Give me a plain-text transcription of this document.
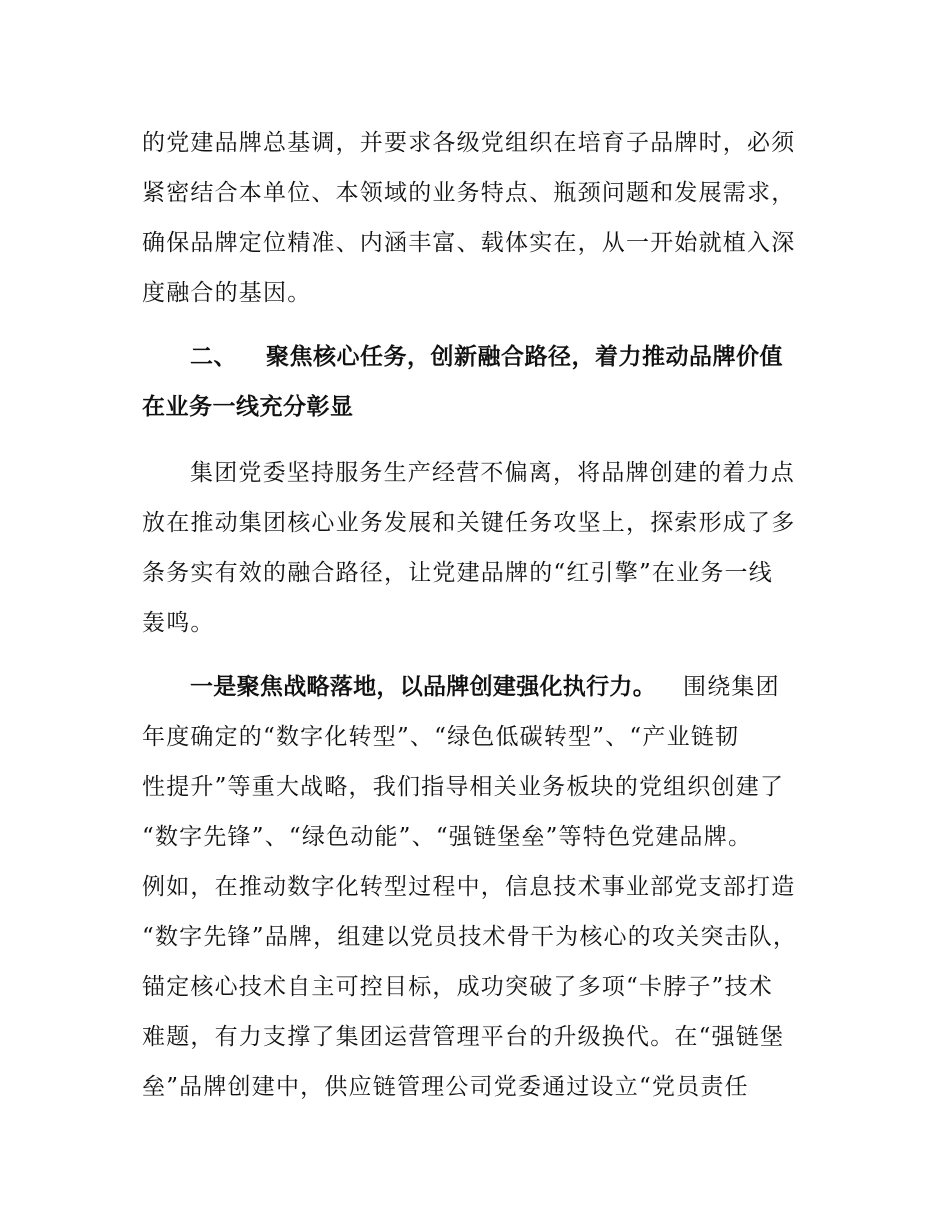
的党建品牌总基调，并要求各级党组织在培育子品牌时，必须
紧密结合本单位、本领域的业务特点、瓶颈问题和发展需求，
确保品牌定位精准、内涵丰富、载体实在，从一开始就植入深
度融合的基因。
二、 聚焦核心任务，创新融合路径，着力推动品牌价值
在业务一线充分彰显
集团党委坚持服务生产经营不偏离，将品牌创建的着力点
放在推动集团核心业务发展和关键任务攻坚上，探索形成了多
条务实有效的融合路径，让党建品牌的“红引擎”在业务一线
轰鸣。
一是聚焦战略落地，以品牌创建强化执行力。 围绕集团
年度确定的“数字化转型”、“绿色低碳转型”、“产业链韧
性提升”等重大战略，我们指导相关业务板块的党组织创建了
“数字先锋”、“绿色动能”、“强链堡垒”等特色党建品牌。
例如，在推动数字化转型过程中，信息技术事业部党支部打造
“数字先锋”品牌，组建以党员技术骨干为核心的攻关突击队，
锚定核心技术自主可控目标，成功突破了多项“卡脖子”技术
难题，有力支撑了集团运营管理平台的升级换代。在“强链堡
垒”品牌创建中，供应链管理公司党委通过设立“党员责任
